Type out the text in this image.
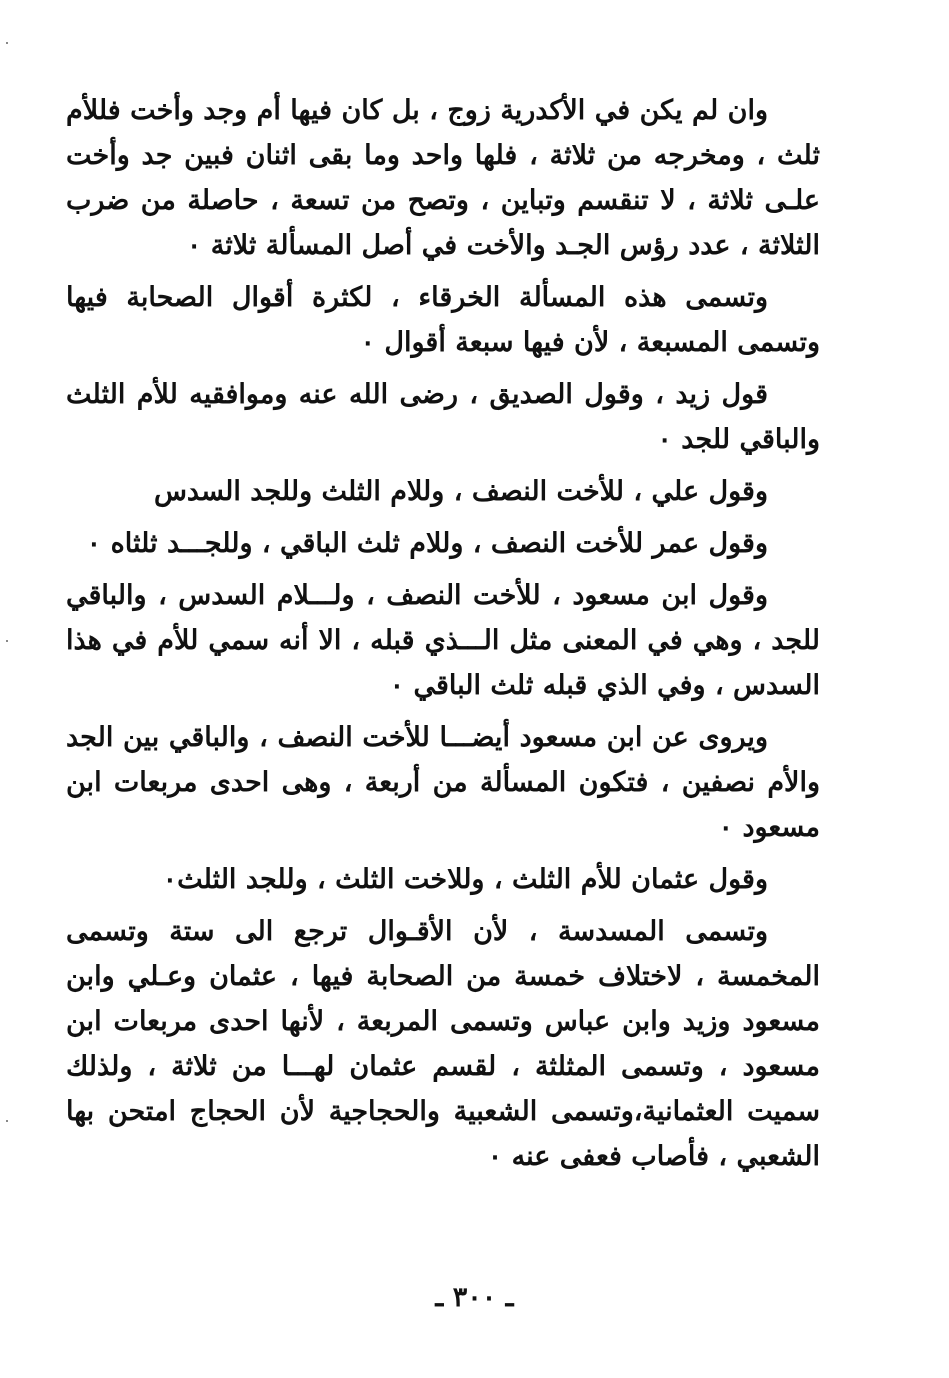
وان لم يكن في الأكدرية زوج ، بل كان فيها أم وجد وأخت فللأم ثلث ، ومخرجه من ثلاثة ، فلها واحد وما بقى اثنان فبين جد وأخت علـى ثلاثة ، لا تنقسم وتباين ، وتصح من تسعة ، حاصلة من ضرب الثلاثة ، عدد رؤس الجـد والأخت في أصل المسألة ثلاثة ٠

وتسمى هذه المسألة الخرقاء ، لكثرة أقوال الصحابة فيها وتسمى المسبعة ، لأن فيها سبعة أقوال ٠

قول زيد ، وقول الصديق ، رضى الله عنه وموافقيه للأم الثلث والباقي للجد ٠

وقول علي ، للأخت النصف ، وللام الثلث وللجد السدس

وقول عمر للأخت النصف ، وللام ثلث الباقي ، وللجـــد ثلثاه ٠

وقول ابن مسعود ، للأخت النصف ، ولـــلام السدس ، والباقي للجد ، وهي في المعنى مثل الـــذي قبله ، الا أنه سمي للأم في هذا السدس ، وفي الذي قبله ثلث الباقي ٠

ويروى عن ابن مسعود أيضـــا للأخت النصف ، والباقي بين الجد والأم نصفين ، فتكون المسألة من أربعة ، وهى احدى مربعات ابن مسعود ٠

وقول عثمان للأم الثلث ، وللاخت الثلث ، وللجد الثلث٠

وتسمى المسدسة ، لأن الأقـوال ترجع الى ستة وتسمى المخمسة ، لاختلاف خمسة من الصحابة فيها ، عثمان وعـلي وابن مسعود وزيد وابن عباس وتسمى المربعة ، لأنها احدى مربعات ابن مسعود ، وتسمى المثلثة ، لقسم عثمان لهـــا من ثلاثة ، ولذلك سميت العثمانية،وتسمى الشعبية والحجاجية لأن الحجاج امتحن بها الشعبي ، فأصاب فعفى عنه ٠

ـ ٣٠٠ ـ
